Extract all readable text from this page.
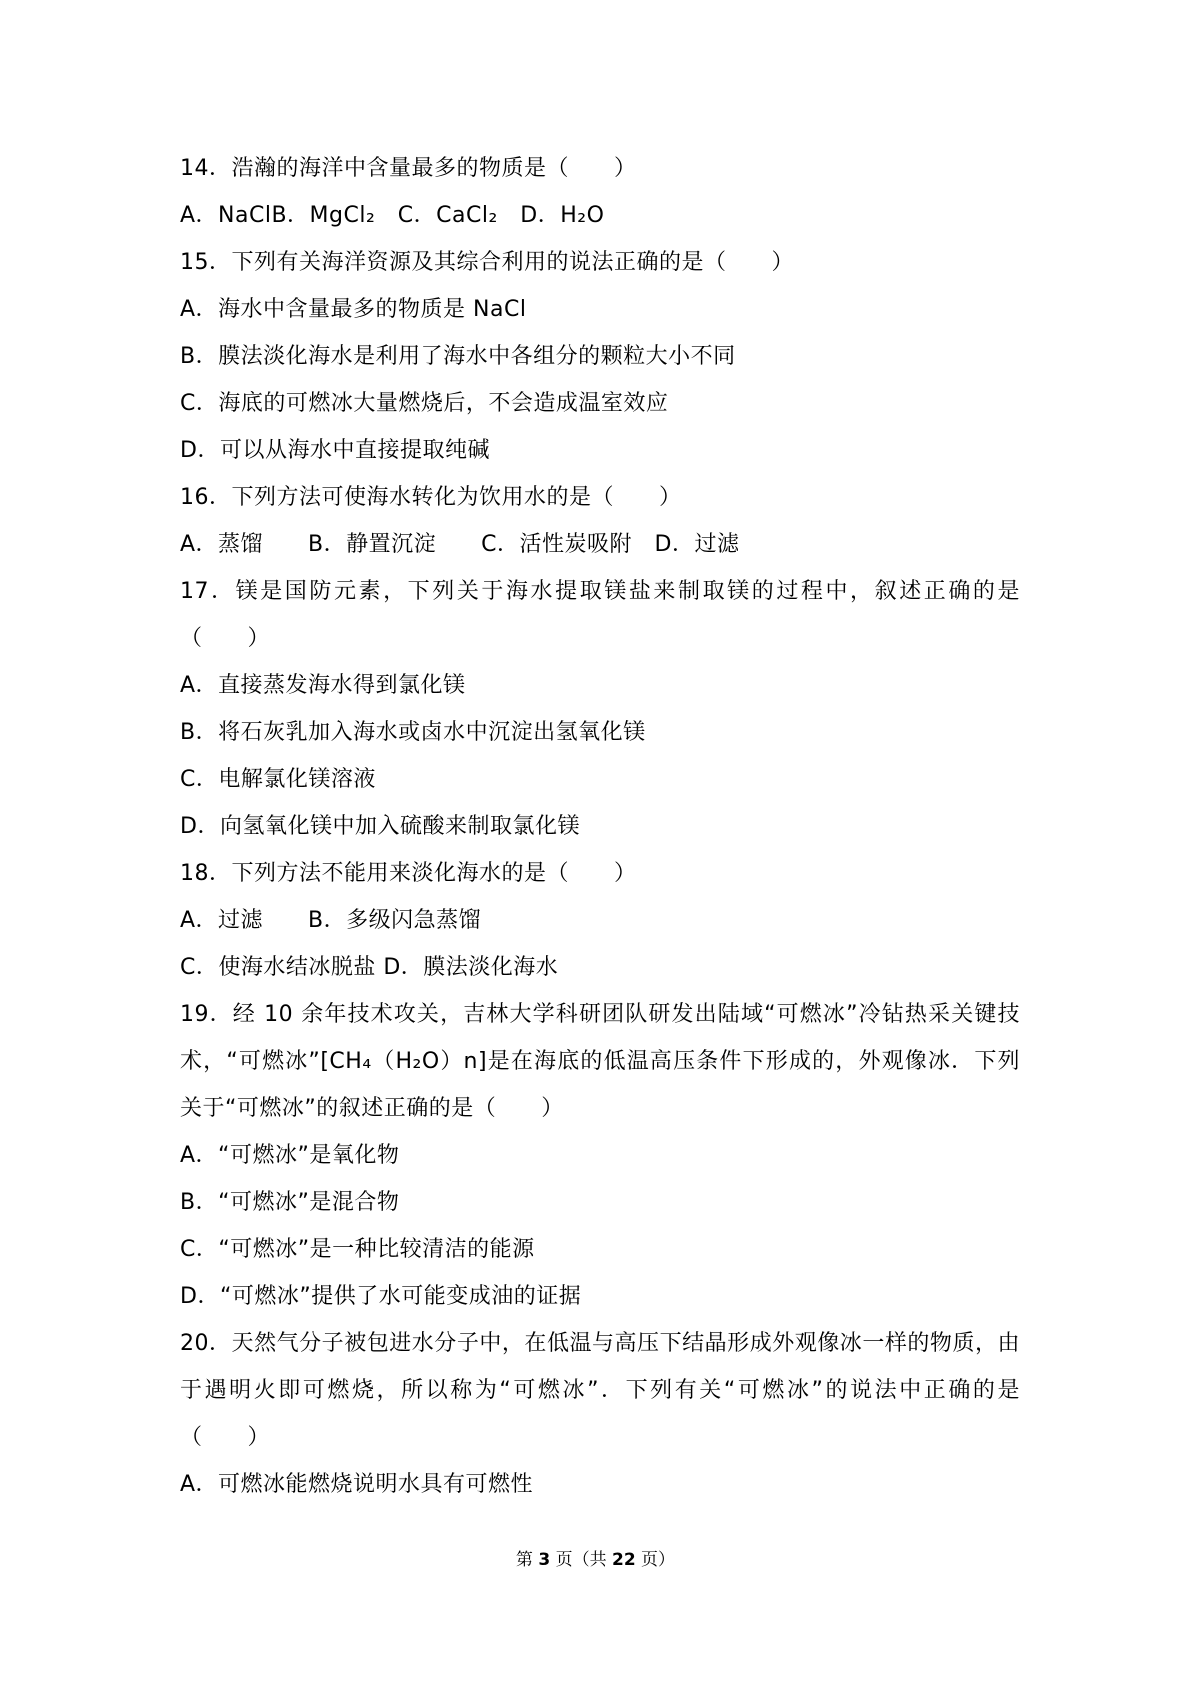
14．浩瀚的海洋中含量最多的物质是（　　）
A．NaClB．MgCl₂　C．CaCl₂　D．H₂O
15．下列有关海洋资源及其综合利用的说法正确的是（　　）
A．海水中含量最多的物质是 NaCl
B．膜法淡化海水是利用了海水中各组分的颗粒大小不同
C．海底的可燃冰大量燃烧后，不会造成温室效应
D．可以从海水中直接提取纯碱
16．下列方法可使海水转化为饮用水的是（　　）
A．蒸馏　　B．静置沉淀　　C．活性炭吸附　D．过滤
17．镁是国防元素，下列关于海水提取镁盐来制取镁的过程中，叙述正确的是（　　）
A．直接蒸发海水得到氯化镁
B．将石灰乳加入海水或卤水中沉淀出氢氧化镁
C．电解氯化镁溶液
D．向氢氧化镁中加入硫酸来制取氯化镁
18．下列方法不能用来淡化海水的是（　　）
A．过滤　　B．多级闪急蒸馏
C．使海水结冰脱盐 D．膜法淡化海水
19．经 10 余年技术攻关，吉林大学科研团队研发出陆域“可燃冰”冷钻热采关键技术，“可燃冰”[CH₄（H₂O）n]是在海底的低温高压条件下形成的，外观像冰．下列关于“可燃冰”的叙述正确的是（　　）
A．“可燃冰”是氧化物
B．“可燃冰”是混合物
C．“可燃冰”是一种比较清洁的能源
D．“可燃冰”提供了水可能变成油的证据
20．天然气分子被包进水分子中，在低温与高压下结晶形成外观像冰一样的物质，由于遇明火即可燃烧，所以称为“可燃冰”．下列有关“可燃冰”的说法中正确的是（　　）
A．可燃冰能燃烧说明水具有可燃性
第 3 页（共 22 页）
